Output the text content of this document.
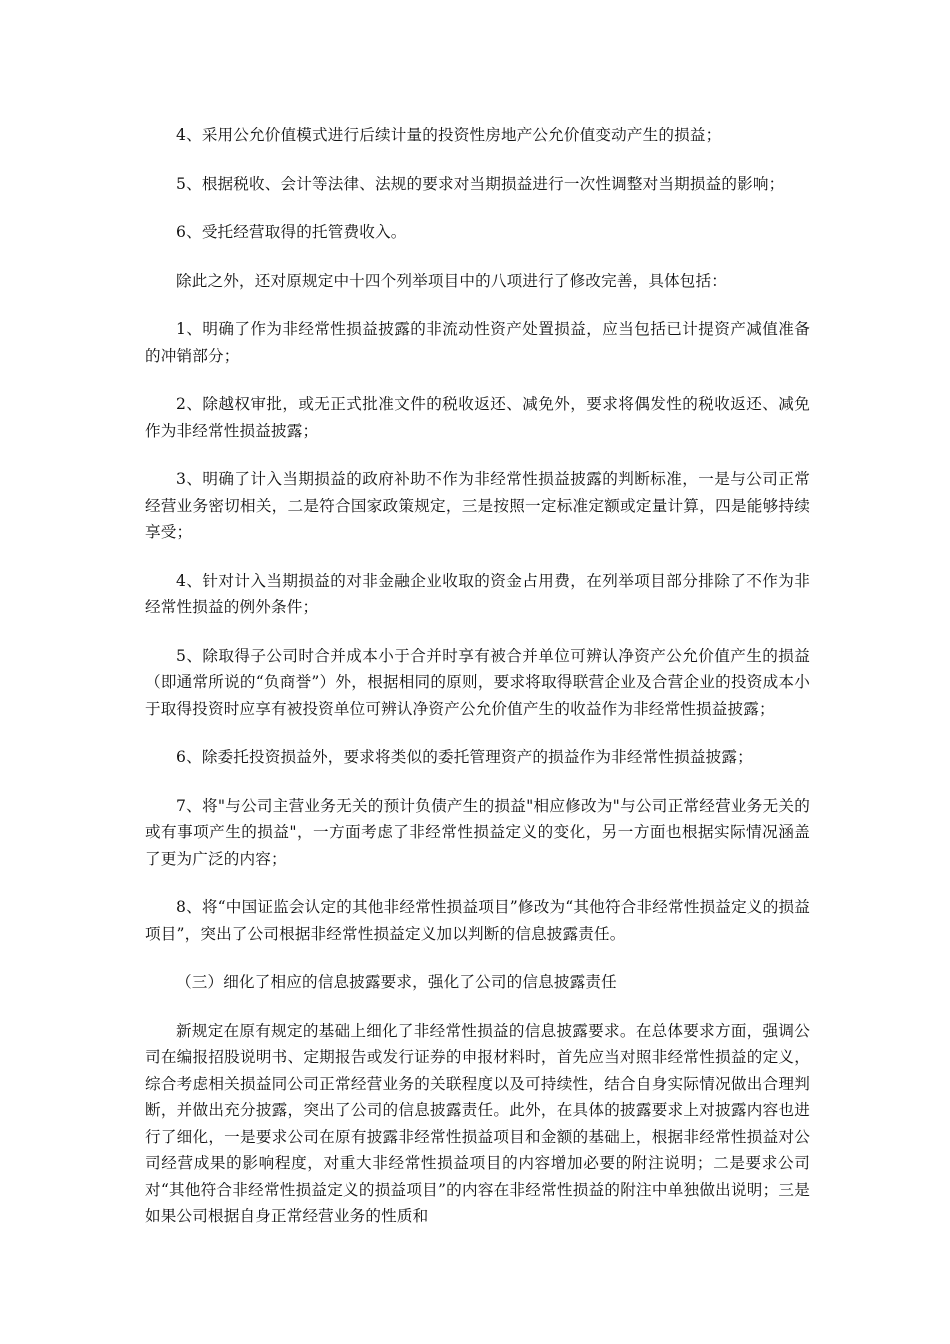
4、采用公允价值模式进行后续计量的投资性房地产公允价值变动产生的损益；

5、根据税收、会计等法律、法规的要求对当期损益进行一次性调整对当期损益的影响；

6、受托经营取得的托管费收入。

除此之外，还对原规定中十四个列举项目中的八项进行了修改完善，具体包括：

1、明确了作为非经常性损益披露的非流动性资产处置损益，应当包括已计提资产减值准备的冲销部分；

2、除越权审批，或无正式批准文件的税收返还、减免外，要求将偶发性的税收返还、减免作为非经常性损益披露；

3、明确了计入当期损益的政府补助不作为非经常性损益披露的判断标准，一是与公司正常经营业务密切相关，二是符合国家政策规定，三是按照一定标准定额或定量计算，四是能够持续享受；

4、针对计入当期损益的对非金融企业收取的资金占用费，在列举项目部分排除了不作为非经常性损益的例外条件；

5、除取得子公司时合并成本小于合并时享有被合并单位可辨认净资产公允价值产生的损益（即通常所说的“负商誉”）外，根据相同的原则，要求将取得联营企业及合营企业的投资成本小于取得投资时应享有被投资单位可辨认净资产公允价值产生的收益作为非经常性损益披露；

6、除委托投资损益外，要求将类似的委托管理资产的损益作为非经常性损益披露；

7、将"与公司主营业务无关的预计负债产生的损益"相应修改为"与公司正常经营业务无关的或有事项产生的损益"，一方面考虑了非经常性损益定义的变化，另一方面也根据实际情况涵盖了更为广泛的内容；

8、将“中国证监会认定的其他非经常性损益项目”修改为“其他符合非经常性损益定义的损益项目”，突出了公司根据非经常性损益定义加以判断的信息披露责任。

（三）细化了相应的信息披露要求，强化了公司的信息披露责任

新规定在原有规定的基础上细化了非经常性损益的信息披露要求。在总体要求方面，强调公司在编报招股说明书、定期报告或发行证券的申报材料时，首先应当对照非经常性损益的定义，综合考虑相关损益同公司正常经营业务的关联程度以及可持续性，结合自身实际情况做出合理判断，并做出充分披露，突出了公司的信息披露责任。此外，在具体的披露要求上对披露内容也进行了细化，一是要求公司在原有披露非经常性损益项目和金额的基础上，根据非经常性损益对公司经营成果的影响程度，对重大非经常性损益项目的内容增加必要的附注说明；二是要求公司对“其他符合非经常性损益定义的损益项目”的内容在非经常性损益的附注中单独做出说明；三是如果公司根据自身正常经营业务的性质和
